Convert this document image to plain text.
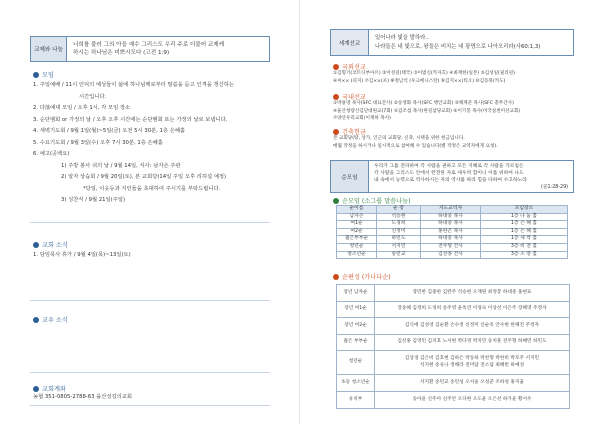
교제와 나눔
너희를 불러 그의 아들 예수 그리스도 우리 주로 더불어 교제케
하시는 하나님은 미쁘시도다 (고전 1:9)
모임
1. 주일예배 / 11시 인덕의 예성들이 삶에 하나님께로부터 말씀을 듣고 인격을 갱신하는
시간입니다.
2. 다落예대 모임 / 오후 1시, 각 모임 장소
3. 순단멤회 or 가정의 날 / 오후 오후 시간에는 순단멤회 또는 가정의 날로 보냅니다.
4. 새벽기도회 / 9월 1일(월)~5일(금) 오전 5시 30분, 1층 은혜홀
5. 수요기도회 / 9월 3일(수) 오후 7시 30분, 1층 은혜홀
6. 예고(공백요)
1) 주방 봉사 쉬의 날 / 9월 14일, 식사: 남자손 주관
2) 알자 상습회 / 9월 20일(토), 본 교회당(14일 주일 오후 리허설 예정)
*당일, 이웃등과 지인들을 초대하여 주시기를 부탁드립니다.
3) 성찬식 / 9월 21일(주일)
교회 소식
1. 담임목사 휴가 / 9월 4일(목)~13일(토)
교우 소식
교회계좌
농협 351-0805-2788-63 을산성김의교회
세계선교
일어나라 빛을 발하라..
나라들은 네 빛으로, 왕들은 비치는 네 광명으로 나아오리라(사60:1,3)
국외선교
①김형기(코트디부아르) ②이성길(태국) ③이범신(카자흐) ④최재한(일본) ⑤김성일(필리핀)
⑥씨×× (피지) ⑦김××(포) ⑧정남석 (우크베니스탄) ⑨김지××(티오) ⑩김동북(카도)
국내선교
①박용영 목사(SFC 대표간사) ②송영화 목사(SFC 행안교회) ③채재준 목사(SFC 총무간사)
④울산청량산김단대원교(7회) ⑤김조섭 목사(한길삼당교회) ⑥이기봉 목사(미국실천미선교회)
⑦양산우리교회(이재하 목사)
건축헌금
본 교회당(땅, 상가, 인근의 교회당, 신축, 시택을 위한 헌금입니다.
매월 작정을 하시거나 일시적으로 참여해 수 있습니다(별 작정은 교역자에게 요청).
순모임
우리가 그를 전파하여 각 사람을 권하고 모든 지혜로 각 사람을 가르침은
각 사람을 그리스도 안에서 완전한 자로 세우려 함이니 이를 위하여 나도
내 속에서 능력으로 역사하시는 자의 역사를 따라 힘을 다하여 수고하노라
(골1:28-29)
순모임 (소그룹 말씀나눔)
순이름	순 장	지도교역자	모임장소
남자손	석승현	하대중 목사	1층 나 눔 홀
여1순	도경희	하대중 목사	1층 은 혜 홀
여2순	신정미	홍한곤 목사	1층 은 혜 홀
젊은부부순	하민도	하대중 목사	1층 새 싹 홀
청년순	서지민	전주형 간사	3층 비 전 홀
청소년순	송민교	김선종 간사	3층 소 망 홀
순편성 (가나다순)
장년 남자순	장민한 김종한 김완주 석승현 오재원 최정봉 하대중 홍현표
장년 여1순	강송혜 김정희 도경희 송주영 윤옥연 이경숙 이상선 이은주 장혜영 주정자
장년 여2순	김식애 김성영 김순환 손수정 신정미 신순옥 안수현 한해진 주정자
젊은 부부순	김선홍 김영민 김지호 노서현 박다영 박지민 송치훈 전주형 하혜민 하민도
청년순	김상경 김은비 김호현 김하은 박동하 박찬형 박한비 박포주 서지민
석지현 송유나 정해라 전미담 전소담 최혜빈 하예성

초등 청소년순	서지환 송민교 송민성 오서윤 오성준 조하성 홍지율
유치부	송아윤 신주아 신주안 오다현 오도윤 오은선 하가윤 황서우
